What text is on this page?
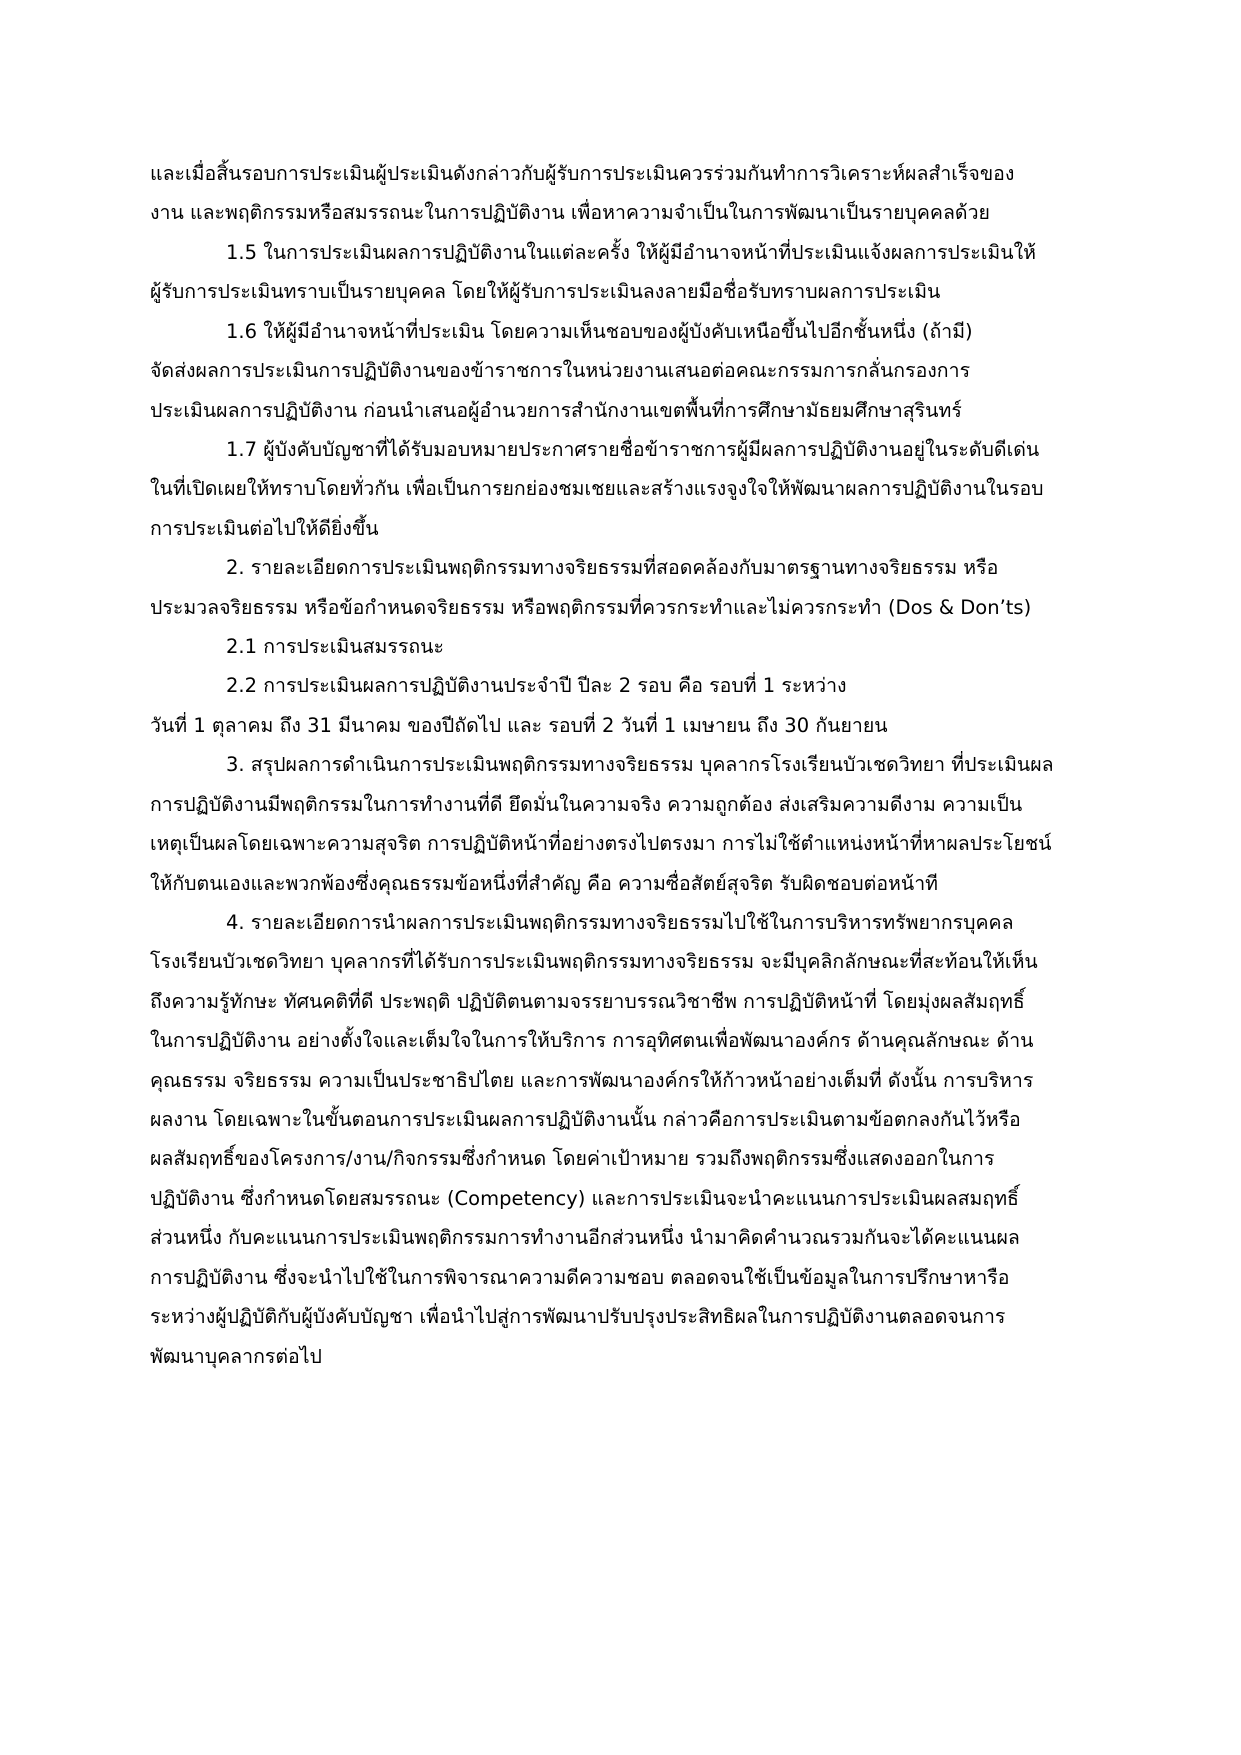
และเมื่อสิ้นรอบการประเมินผู้ประเมินดังกล่าวกับผู้รับการประเมินควรร่วมกันทำการวิเคราะห์ผลสำเร็จของ
งาน และพฤติกรรมหรือสมรรถนะในการปฏิบัติงาน เพื่อหาความจำเป็นในการพัฒนาเป็นรายบุคคลด้วย
1.5 ในการประเมินผลการปฏิบัติงานในแต่ละครั้ง ให้ผู้มีอำนาจหน้าที่ประเมินแจ้งผลการประเมินให้
ผู้รับการประเมินทราบเป็นรายบุคคล โดยให้ผู้รับการประเมินลงลายมือชื่อรับทราบผลการประเมิน
1.6 ให้ผู้มีอำนาจหน้าที่ประเมิน โดยความเห็นชอบของผู้บังคับเหนือขึ้นไปอีกชั้นหนึ่ง (ถ้ามี)
จัดส่งผลการประเมินการปฏิบัติงานของข้าราชการในหน่วยงานเสนอต่อคณะกรรมการกลั่นกรองการ
ประเมินผลการปฏิบัติงาน ก่อนนำเสนอผู้อำนวยการสำนักงานเขตพื้นที่การศึกษามัธยมศึกษาสุรินทร์
1.7 ผู้บังคับบัญชาที่ได้รับมอบหมายประกาศรายชื่อข้าราชการผู้มีผลการปฏิบัติงานอยู่ในระดับดีเด่น
ในที่เปิดเผยให้ทราบโดยทั่วกัน เพื่อเป็นการยกย่องชมเชยและสร้างแรงจูงใจให้พัฒนาผลการปฏิบัติงานในรอบ
การประเมินต่อไปให้ดียิ่งขึ้น
2. รายละเอียดการประเมินพฤติกรรมทางจริยธรรมที่สอดคล้องกับมาตรฐานทางจริยธรรม หรือ
ประมวลจริยธรรม หรือข้อกำหนดจริยธรรม หรือพฤติกรรมที่ควรกระทำและไม่ควรกระทำ (Dos & Don’ts)
2.1 การประเมินสมรรถนะ
2.2 การประเมินผลการปฏิบัติงานประจำปี ปีละ 2 รอบ คือ รอบที่ 1 ระหว่าง
วันที่ 1 ตุลาคม ถึง 31 มีนาคม ของปีถัดไป และ รอบที่ 2 วันที่ 1 เมษายน ถึง 30 กันยายน
3. สรุปผลการดำเนินการประเมินพฤติกรรมทางจริยธรรม บุคลากรโรงเรียนบัวเชดวิทยา ที่ประเมินผล
การปฏิบัติงานมีพฤติกรรมในการทำงานที่ดี ยึดมั่นในความจริง ความถูกต้อง ส่งเสริมความดีงาม ความเป็น
เหตุเป็นผลโดยเฉพาะความสุจริต การปฏิบัติหน้าที่อย่างตรงไปตรงมา การไม่ใช้ตำแหน่งหน้าที่หาผลประโยชน์
ให้กับตนเองและพวกพ้องซึ่งคุณธรรมข้อหนึ่งที่สำคัญ คือ ความซื่อสัตย์สุจริต รับผิดชอบต่อหน้าที
4. รายละเอียดการนำผลการประเมินพฤติกรรมทางจริยธรรมไปใช้ในการบริหารทรัพยากรบุคคล
โรงเรียนบัวเชดวิทยา บุคลากรที่ได้รับการประเมินพฤติกรรมทางจริยธรรม จะมีบุคลิกลักษณะที่สะท้อนให้เห็น
ถึงความรู้ทักษะ ทัศนคติที่ดี ประพฤติ ปฏิบัติตนตามจรรยาบรรณวิชาชีพ การปฏิบัติหน้าที่ โดยมุ่งผลสัมฤทธิ์
ในการปฏิบัติงาน อย่างตั้งใจและเต็มใจในการให้บริการ การอุทิศตนเพื่อพัฒนาองค์กร ด้านคุณลักษณะ ด้าน
คุณธรรม จริยธรรม ความเป็นประชาธิปไตย และการพัฒนาองค์กรให้ก้าวหน้าอย่างเต็มที่ ดังนั้น การบริหาร
ผลงาน โดยเฉพาะในขั้นตอนการประเมินผลการปฏิบัติงานนั้น กล่าวคือการประเมินตามข้อตกลงกันไว้หรือ
ผลสัมฤทธิ์ของโครงการ/งาน/กิจกรรมซึ่งกำหนด โดยค่าเป้าหมาย รวมถึงพฤติกรรมซึ่งแสดงออกในการ
ปฏิบัติงาน ซึ่งกำหนดโดยสมรรถนะ (Competency) และการประเมินจะนำคะแนนการประเมินผลสมฤทธิ์
ส่วนหนึ่ง กับคะแนนการประเมินพฤติกรรมการทำงานอีกส่วนหนึ่ง นำมาคิดคำนวณรวมกันจะได้คะแนนผล
การปฏิบัติงาน ซึ่งจะนำไปใช้ในการพิจารณาความดีความชอบ ตลอดจนใช้เป็นข้อมูลในการปรึกษาหารือ
ระหว่างผู้ปฏิบัติกับผู้บังคับบัญชา เพื่อนำไปสู่การพัฒนาปรับปรุงประสิทธิผลในการปฏิบัติงานตลอดจนการ
พัฒนาบุคลากรต่อไป
